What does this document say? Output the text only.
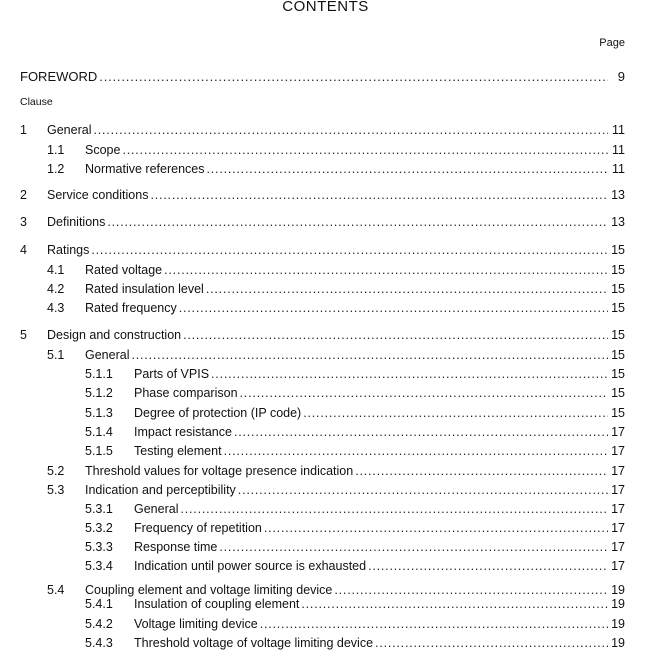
CONTENTS
Page
FOREWORD .....	9
Clause
1	General .....	11
1.1	Scope .....	11
1.2	Normative references .....	11
2	Service conditions .....	13
3	Definitions .....	13
4	Ratings .....	15
4.1	Rated voltage .....	15
4.2	Rated insulation level .....	15
4.3	Rated frequency .....	15
5	Design and construction .....	15
5.1	General .....	15
5.1.1	Parts of VPIS .....	15
5.1.2	Phase comparison .....	15
5.1.3	Degree of protection (IP code) .....	15
5.1.4	Impact resistance .....	17
5.1.5	Testing element .....	17
5.2	Threshold values for voltage presence indication .....	17
5.3	Indication and perceptibility .....	17
5.3.1	General .....	17
5.3.2	Frequency of repetition .....	17
5.3.3	Response time .....	17
5.3.4	Indication until power source is exhausted .....	17
5.4	Coupling element and voltage limiting device .....	19
5.4.1	Insulation of coupling element .....	19
5.4.2	Voltage limiting device .....	19
5.4.3	Threshold voltage of voltage limiting device .....	19
